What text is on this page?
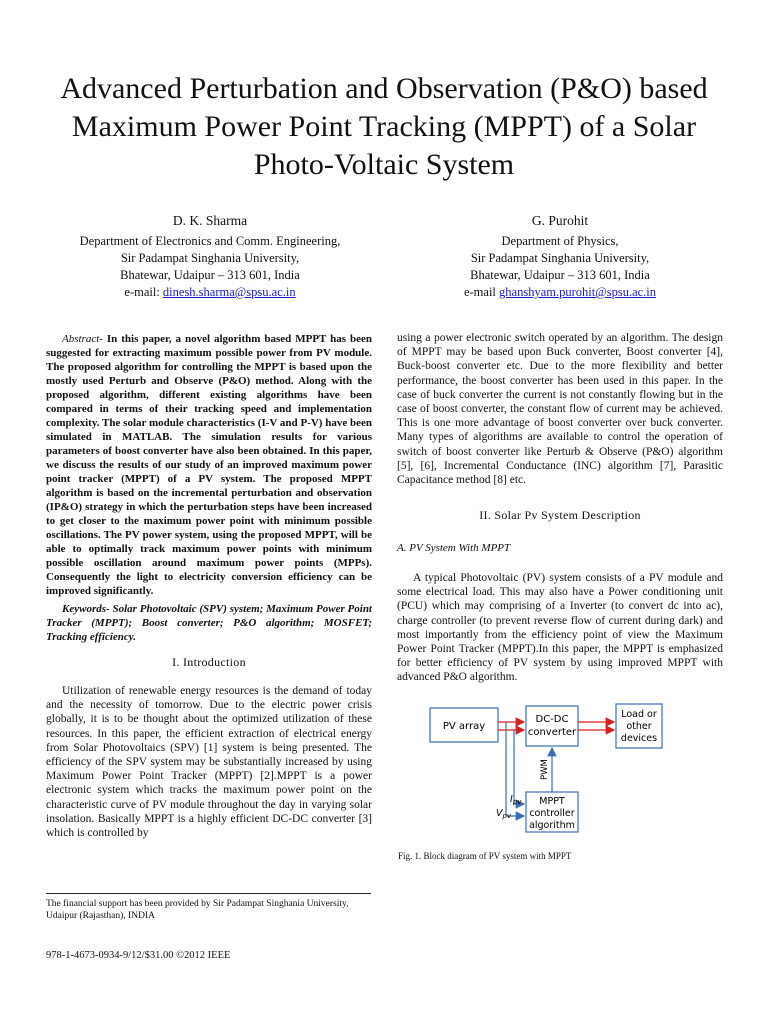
Advanced Perturbation and Observation (P&O) based
Maximum Power Point Tracking (MPPT) of a Solar
Photo-Voltaic System
D. K. Sharma
Department of Electronics and Comm. Engineering,
Sir Padampat Singhania University,
Bhatewar, Udaipur – 313 601, India
e-mail: dinesh.sharma@spsu.ac.in
G. Purohit
Department of Physics,
Sir Padampat Singhania University,
Bhatewar, Udaipur – 313 601, India
e-mail ghanshyam.purohit@spsu.ac.in
Abstract- In this paper, a novel algorithm based MPPT has been suggested for extracting maximum possible power from PV module. The proposed algorithm for controlling the MPPT is based upon the mostly used Perturb and Observe (P&O) method. Along with the proposed algorithm, different existing algorithms have been compared in terms of their tracking speed and implementation complexity. The solar module characteristics (I-V and P-V) have been simulated in MATLAB. The simulation results for various parameters of boost converter have also been obtained. In this paper, we discuss the results of our study of an improved maximum power point tracker (MPPT) of a PV system. The proposed MPPT algorithm is based on the incremental perturbation and observation (IP&O) strategy in which the perturbation steps have been increased to get closer to the maximum power point with minimum possible oscillations. The PV power system, using the proposed MPPT, will be able to optimally track maximum power points with minimum possible oscillation around maximum power points (MPPs). Consequently the light to electricity conversion efficiency can be improved significantly.
Keywords- Solar Photovoltaic (SPV) system; Maximum Power Point Tracker (MPPT); Boost converter; P&O algorithm; MOSFET; Tracking efficiency.
I. Introduction

Utilization of renewable energy resources is the demand of today and the necessity of tomorrow. Due to the electric power crisis globally, it is to be thought about the optimized utilization of these resources. In this paper, the efficient extraction of electrical energy from Solar Photovoltaics (SPV) [1] system is being presented. The efficiency of the SPV system may be substantially increased by using Maximum Power Point Tracker (MPPT) [2].MPPT is a power electronic system which tracks the maximum power point on the characteristic curve of PV module throughout the day in varying solar insolation. Basically MPPT is a highly efficient DC-DC converter [3] which is controlled by

using a power electronic switch operated by an algorithm. The design of MPPT may be based upon Buck converter, Boost converter [4], Buck-boost converter etc. Due to the more flexibility and better performance, the boost converter has been used in this paper. In the case of buck converter the current is not constantly flowing but in the case of boost converter, the constant flow of current may be achieved. This is one more advantage of boost converter over buck converter. Many types of algorithms are available to control the operation of switch of boost converter like Perturb & Observe (P&O) algorithm [5], [6], Incremental Conductance (INC) algorithm [7], Parasitic Capacitance method [8] etc.

II. Solar Pv System Description
A. PV System With MPPT

A typical Photovoltaic (PV) system consists of a PV module and some electrical load. This may also have a Power conditioning unit (PCU) which may comprising of a Inverter (to convert dc into ac), charge controller (to prevent reverse flow of current during dark) and most importantly from the efficiency point of view the Maximum Power Point Tracker (MPPT).In this paper, the MPPT is emphasized for better efficiency of PV system by using improved MPPT with advanced P&O algorithm.

PV array
DC-DC
converter
Load or
other
devices
MPPT
controller
algorithm
PWM
$I_{pv}$
$V_{pv}$
Fig. 1. Block diagram of PV system with MPPT
The financial support has been provided by Sir Padampat Singhania University, Udaipur (Rajasthan), INDIA
978-1-4673-0934-9/12/$31.00 ©2012 IEEE
